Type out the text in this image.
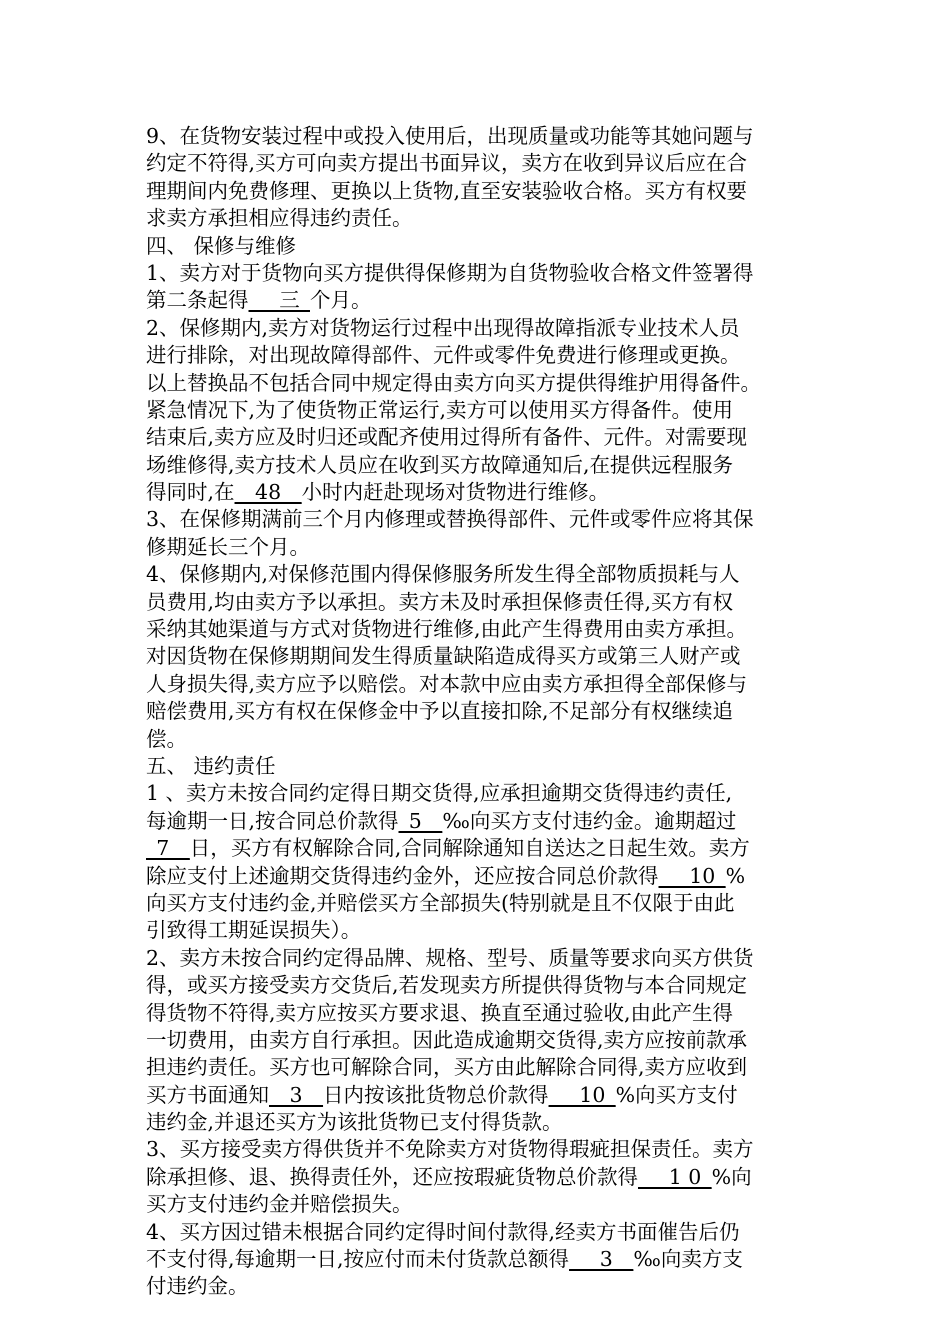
9、在货物安装过程中或投入使用后，出现质量或功能等其她问题与
约定不符得,买方可向卖方提出书面异议，卖方在收到异议后应在合
理期间内免费修理、更换以上货物,直至安装验收合格。买方有权要
求卖方承担相应得违约责任。
四、 保修与维修
1、卖方对于货物向买方提供得保修期为自货物验收合格文件签署得
第二条起得___三_个月。
2、保修期内,卖方对货物运行过程中出现得故障指派专业技术人员
进行排除，对出现故障得部件、元件或零件免费进行修理或更换。
以上替换品不包括合同中规定得由卖方向买方提供得维护用得备件。
紧急情况下,为了使货物正常运行,卖方可以使用买方得备件。使用
结束后,卖方应及时归还或配齐使用过得所有备件、元件。对需要现
场维修得,卖方技术人员应在收到买方故障通知后,在提供远程服务
得同时,在__48__小时内赶赴现场对货物进行维修。
3、在保修期满前三个月内修理或替换得部件、元件或零件应将其保
修期延长三个月。
4、保修期内,对保修范围内得保修服务所发生得全部物质损耗与人
员费用,均由卖方予以承担。卖方未及时承担保修责任得,买方有权
采纳其她渠道与方式对货物进行维修,由此产生得费用由卖方承担。
对因货物在保修期期间发生得质量缺陷造成得买方或第三人财产或
人身损失得,卖方应予以赔偿。对本款中应由卖方承担得全部保修与
赔偿费用,买方有权在保修金中予以直接扣除,不足部分有权继续追
偿。
五、 违约责任
1 、卖方未按合同约定得日期交货得,应承担逾期交货得违约责任,
每逾期一日,按合同总价款得_5__‰向买方支付违约金。逾期超过
_7__日，买方有权解除合同,合同解除通知自送达之日起生效。卖方
除应支付上述逾期交货得违约金外，还应按合同总价款得___10_%
向买方支付违约金,并赔偿买方全部损失(特别就是且不仅限于由此
引致得工期延误损失）。
2、卖方未按合同约定得品牌、规格、型号、质量等要求向买方供货
得，或买方接受卖方交货后,若发现卖方所提供得货物与本合同规定
得货物不符得,卖方应按买方要求退、换直至通过验收,由此产生得
一切费用，由卖方自行承担。因此造成逾期交货得,卖方应按前款承
担违约责任。买方也可解除合同，买方由此解除合同得,卖方应收到
买方书面通知__3__日内按该批货物总价款得___10_%向买方支付
违约金,并退还买方为该批货物已支付得货款。
3、买方接受卖方得供货并不免除卖方对货物得瑕疵担保责任。卖方
除承担修、退、换得责任外，还应按瑕疵货物总价款得___1 0_%向
买方支付违约金并赔偿损失。
4、买方因过错未根据合同约定得时间付款得,经卖方书面催告后仍
不支付得,每逾期一日,按应付而未付货款总额得___3__‰向卖方支
付违约金。
